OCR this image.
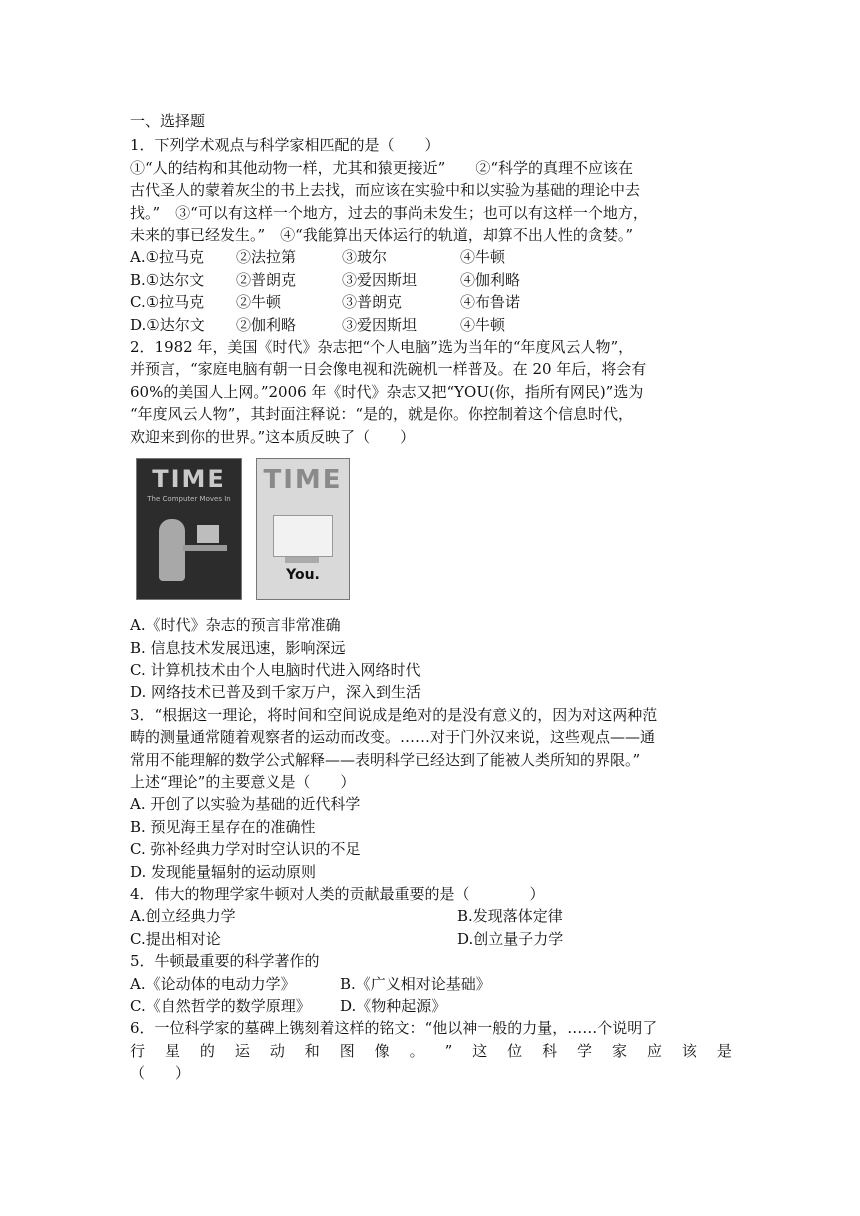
一、选择题
1．下列学术观点与科学家相匹配的是（　　）
①“人的结构和其他动物一样，尤其和猿更接近”　　②“科学的真理不应该在
古代圣人的蒙着灰尘的书上去找，而应该在实验中和以实验为基础的理论中去
找。”　③“可以有这样一个地方，过去的事尚未发生；也可以有这样一个地方，
未来的事已经发生。”　④“我能算出天体运行的轨道，却算不出人性的贪婪。”
A.①拉马克	②法拉第	③玻尔	④牛顿
B.①达尔文	②普朗克	③爱因斯坦	④伽利略
C.①拉马克	②牛顿	③普朗克	④布鲁诺
D.①达尔文	②伽利略	③爱因斯坦	④牛顿
2．1982 年，美国《时代》杂志把“个人电脑”选为当年的“年度风云人物”，
并预言，“家庭电脑有朝一日会像电视和洗碗机一样普及。在 20 年后，将会有
60%的美国人上网。”2006 年《时代》杂志又把“YOU(你，指所有网民)”选为
“年度风云人物”，其封面注释说：“是的，就是你。你控制着这个信息时代，
欢迎来到你的世界。”这本质反映了（　　）
TIME
The Computer Moves In
TIME
You.
A.《时代》杂志的预言非常准确
B. 信息技术发展迅速，影响深远
C. 计算机技术由个人电脑时代进入网络时代
D. 网络技术已普及到千家万户，深入到生活
3．“根据这一理论，将时间和空间说成是绝对的是没有意义的，因为对这两种范
畴的测量通常随着观察者的运动而改变。……对于门外汉来说，这些观点——通
常用不能理解的数学公式解释——表明科学已经达到了能被人类所知的界限。”
上述“理论”的主要意义是（　　）
A. 开创了以实验为基础的近代科学
B. 预见海王星存在的准确性
C. 弥补经典力学对时空认识的不足
D. 发现能量辐射的运动原则
4．伟大的物理学家牛顿对人类的贡献最重要的是（　　　　）
A.创立经典力学	B.发现落体定律
C.提出相对论	D.创立量子力学
5．牛顿最重要的科学著作的
A.《论动体的电动力学》	B.《广义相对论基础》
C.《自然哲学的数学原理》	D.《物种起源》
6．一位科学家的墓碑上镌刻着这样的铭文：“他以神一般的力量，……个说明了
行 星 的 运 动 和 图 像 。 ” 这 位 科 学 家 应 该 是
（　　）
